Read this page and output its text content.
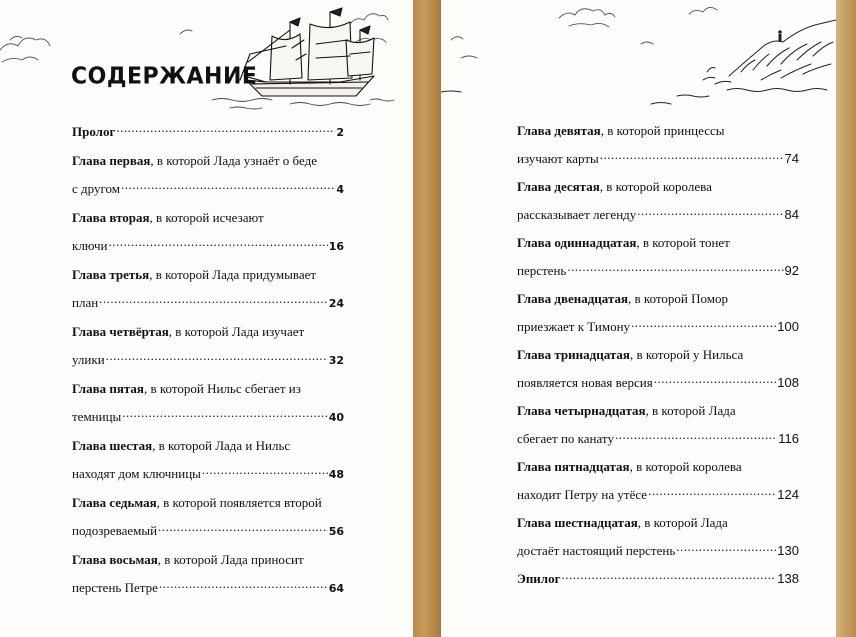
СОДЕРЖАНИЕ
Пролог .....	2
Глава первая, в которой Лада узнаёт о беде
с другом .....	4
Глава вторая, в которой исчезают
ключи .....	16
Глава третья, в которой Лада придумывает
план .....	24
Глава четвёртая, в которой Лада изучает
улики .....	32
Глава пятая, в которой Нильс сбегает из
темницы .....	40
Глава шестая, в которой Лада и Нильс
находят дом ключницы .....	48
Глава седьмая, в которой появляется второй
подозреваемый .....	56
Глава восьмая, в которой Лада приносит
перстень Петре .....	64
Глава девятая, в которой принцессы
изучают карты .....	74
Глава десятая, в которой королева
рассказывает легенду .....	84
Глава одиннадцатая, в которой тонет
перстень .....	92
Глава двенадцатая, в которой Помор
приезжает к Тимону .....	100
Глава тринадцатая, в которой у Нильса
появляется новая версия .....	108
Глава четырнадцатая, в которой Лада
сбегает по канату .....	116
Глава пятнадцатая, в которой королева
находит Петру на утёсе .....	124
Глава шестнадцатая, в которой Лада
достаёт настоящий перстень .....	130
Эпилог .....	138
